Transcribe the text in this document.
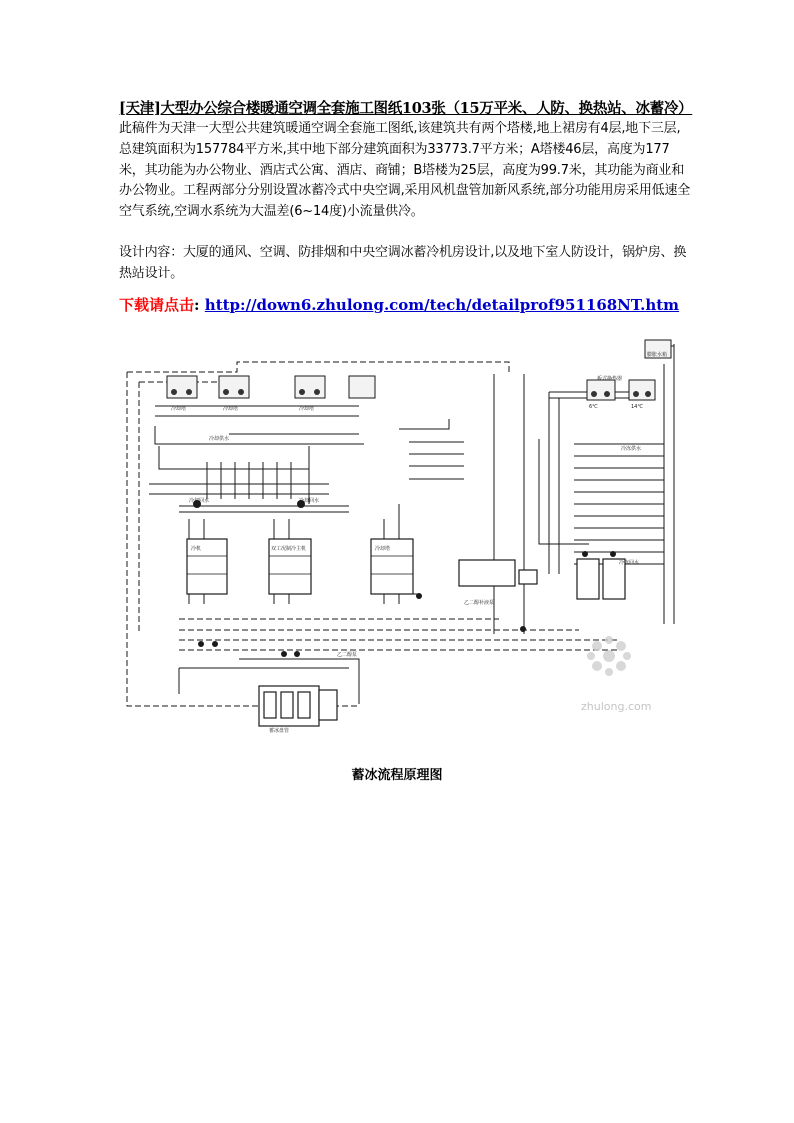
[天津]大型办公综合楼暖通空调全套施工图纸103张（15万平米、人防、换热站、冰蓄冷）
此稿件为天津一大型公共建筑暖通空调全套施工图纸,该建筑共有两个塔楼,地上裙房有4层,地下三层,总建筑面积为157784平方米,其中地下部分建筑面积为33773.7平方米；A塔楼46层，高度为177米，其功能为办公物业、酒店式公寓、酒店、商铺；B塔楼为25层，高度为99.7米，其功能为商业和办公物业。工程两部分分别设置冰蓄冷式中央空调,采用风机盘管加新风系统,部分功能用房采用低速全空气系统,空调水系统为大温差(6~14度)小流量供冷。
设计内容：大厦的通风、空调、防排烟和中央空调冰蓄冷机房设计,以及地下室人防设计，锅炉房、换热站设计。
下载请点击: http://down6.zhulong.com/tech/detailprof951168NT.htm
冷却塔	冷却塔	冷却塔
冷却供水
冷却回水	冷却回水
冷机	双工况制冷主机	冷却塔
乙二醇补液泵
乙二醇泵
蓄冰盘管
冷冻供水
冷冻回水
板式换热器
膨胀水箱
6℃	14℃
zhulong.com
蓄冰流程原理图
